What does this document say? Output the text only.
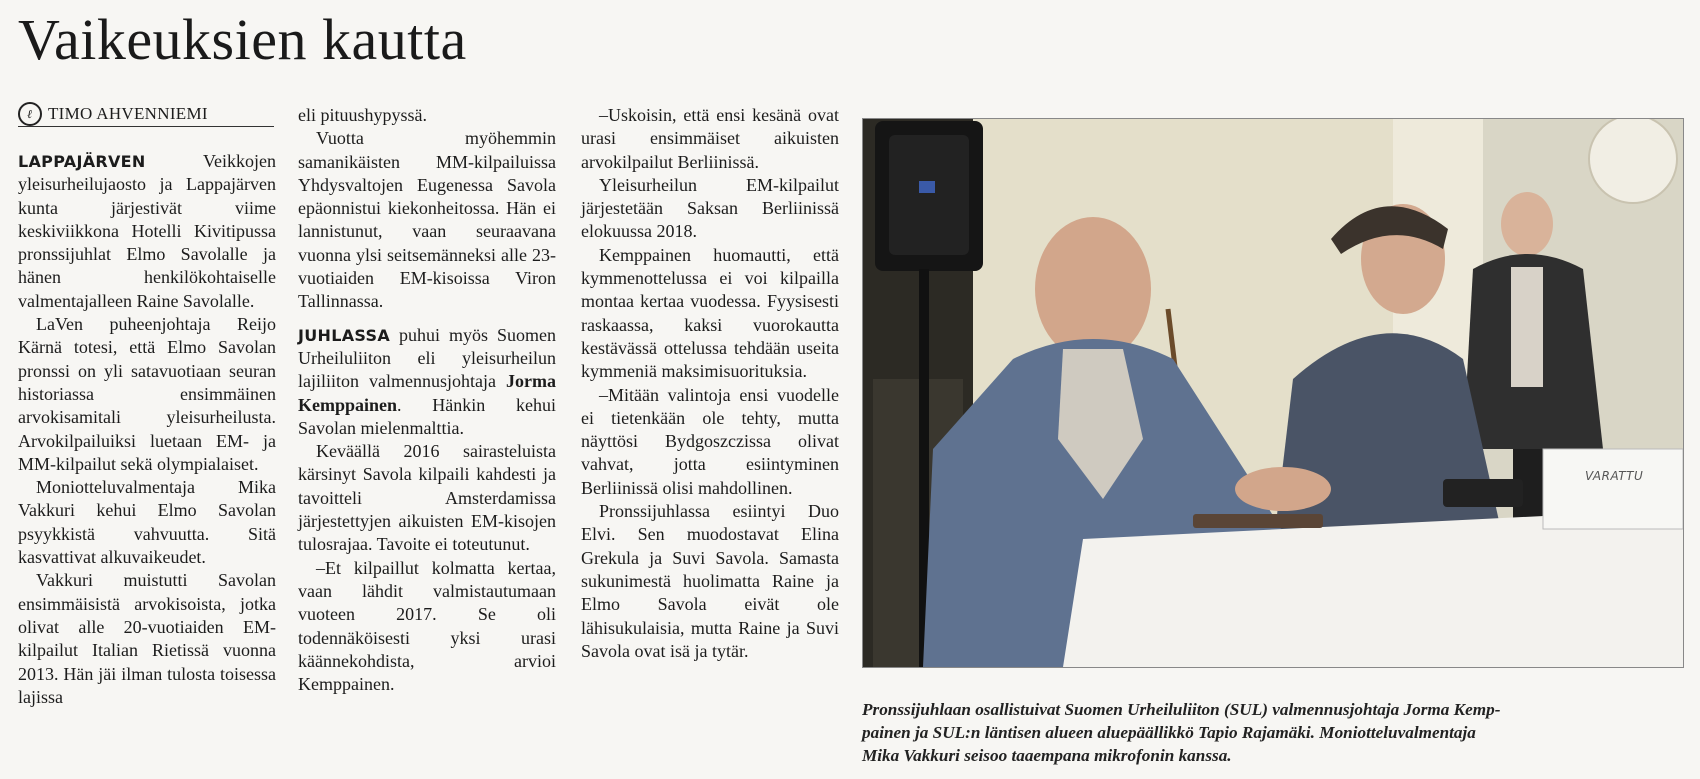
Vaikeuksien kautta
ℓ TIMO AHVENNIEMI

LAPPAJÄRVEN Veikkojen yleisurheilujaosto ja Lappajärven kunta järjestivät viime keskiviikkona Hotelli Kivitipussa pronssijuhlat Elmo Savolalle ja hänen henkilökohtaiselle valmentajalleen Raine Savolalle.

LaVen puheenjohtaja Reijo Kärnä totesi, että Elmo Savolan pronssi on yli satavuotiaan seuran historiassa ensimmäinen arvokisamitali yleisurheilusta. Arvokilpailuiksi luetaan EM- ja MM-kilpailut sekä olympialaiset.

Moniotteluvalmentaja Mika Vakkuri kehui Elmo Savolan psyykkistä vahvuutta. Sitä kasvattivat alkuvaikeudet.

Vakkuri muistutti Savolan ensimmäisistä arvokisoista, jotka olivat alle 20-vuotiaiden EM-kilpailut Italian Rietissä vuonna 2013. Hän jäi ilman tulosta toisessa lajissa

eli pituushypyssä.

Vuotta myöhemmin samanikäisten MM-kilpailuissa Yhdysvaltojen Eugenessa Savola epäonnistui kiekonheitossa. Hän ei lannistunut, vaan seuraavana vuonna ylsi seitsemänneksi alle 23-vuotiaiden EM-kisoissa Viron Tallinnassa.

JUHLASSA puhui myös Suomen Urheiluliiton eli yleisurheilun lajiliiton valmennusjohtaja Jorma Kemppainen. Hänkin kehui Savolan mielenmalttia.

Keväällä 2016 sairasteluista kärsinyt Savola kilpaili kahdesti ja tavoitteli Amsterdamissa järjestettyjen aikuisten EM-kisojen tulosrajaa. Tavoite ei toteutunut.

–Et kilpaillut kolmatta kertaa, vaan lähdit valmistautumaan vuoteen 2017. Se oli todennäköisesti yksi urasi käännekohdista, arvioi Kemppainen.

–Uskoisin, että ensi kesänä ovat urasi ensimmäiset aikuisten arvokilpailut Berliinissä.

Yleisurheilun EM-kilpailut järjestetään Saksan Berliinissä elokuussa 2018.

Kemppainen huomautti, että kymmenottelussa ei voi kilpailla montaa kertaa vuodessa. Fyysisesti raskaassa, kaksi vuorokautta kestävässä ottelussa tehdään useita kymmeniä maksimisuorituksia.

–Mitään valintoja ensi vuodelle ei tietenkään ole tehty, mutta näyttösi Bydgoszczissa olivat vahvat, jotta esiintyminen Berliinissä olisi mahdollinen.

Pronssijuhlassa esiintyi Duo Elvi. Sen muodostavat Elina Grekula ja Suvi Savola. Samasta sukunimestä huolimatta Raine ja Elmo Savola eivät ole lähisukulaisia, mutta Raine ja Suvi Savola ovat isä ja tytär.

VARATTU
Pronssijuhlaan osallistuivat Suomen Urheiluliiton (SUL) valmennusjohtaja Jorma Kemp-
painen ja SUL:n läntisen alueen aluepäällikkö Tapio Rajamäki. Moniotteluvalmentaja
Mika Vakkuri seisoo taaempana mikrofonin kanssa.
